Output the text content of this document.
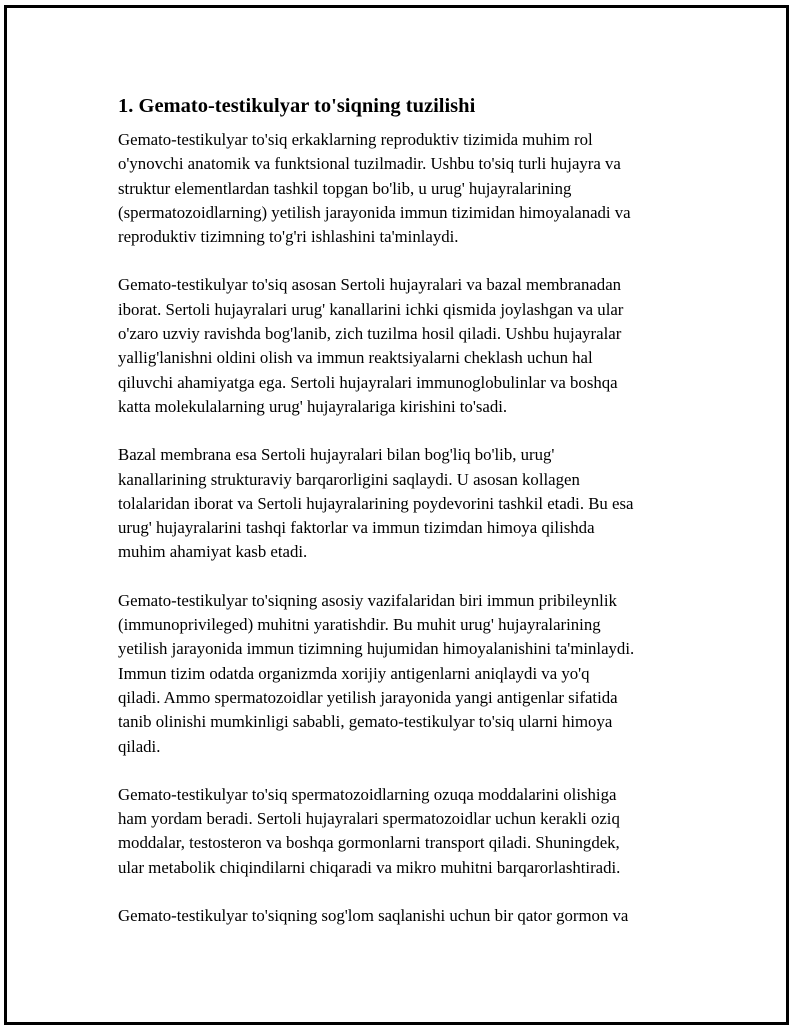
1. Gemato-testikulyar to'siqning tuzilishi
Gemato-testikulyar to'siq erkaklarning reproduktiv tizimida muhim rol
o'ynovchi anatomik va funktsional tuzilmadir. Ushbu to'siq turli hujayra va
struktur elementlardan tashkil topgan bo'lib, u urug' hujayralarining
(spermatozoidlarning) yetilish jarayonida immun tizimidan himoyalanadi va
reproduktiv tizimning to'g'ri ishlashini ta'minlaydi.
Gemato-testikulyar to'siq asosan Sertoli hujayralari va bazal membranadan
iborat. Sertoli hujayralari urug' kanallarini ichki qismida joylashgan va ular
o'zaro uzviy ravishda bog'lanib, zich tuzilma hosil qiladi. Ushbu hujayralar
yallig'lanishni oldini olish va immun reaktsiyalarni cheklash uchun hal
qiluvchi ahamiyatga ega. Sertoli hujayralari immunoglobulinlar va boshqa
katta molekulalarning urug' hujayralariga kirishini to'sadi.
Bazal membrana esa Sertoli hujayralari bilan bog'liq bo'lib, urug'
kanallarining strukturaviy barqarorligini saqlaydi. U asosan kollagen
tolalaridan iborat va Sertoli hujayralarining poydevorini tashkil etadi. Bu esa
urug' hujayralarini tashqi faktorlar va immun tizimdan himoya qilishda
muhim ahamiyat kasb etadi.
Gemato-testikulyar to'siqning asosiy vazifalaridan biri immun pribileynlik
(immunoprivileged) muhitni yaratishdir. Bu muhit urug' hujayralarining
yetilish jarayonida immun tizimning hujumidan himoyalanishini ta'minlaydi.
Immun tizim odatda organizmda xorijiy antigenlarni aniqlaydi va yo'q
qiladi. Ammo spermatozoidlar yetilish jarayonida yangi antigenlar sifatida
tanib olinishi mumkinligi sababli, gemato-testikulyar to'siq ularni himoya
qiladi.
Gemato-testikulyar to'siq spermatozoidlarning ozuqa moddalarini olishiga
ham yordam beradi. Sertoli hujayralari spermatozoidlar uchun kerakli oziq
moddalar, testosteron va boshqa gormonlarni transport qiladi. Shuningdek,
ular metabolik chiqindilarni chiqaradi va mikro muhitni barqarorlashtiradi.
Gemato-testikulyar to'siqning sog'lom saqlanishi uchun bir qator gormon va
